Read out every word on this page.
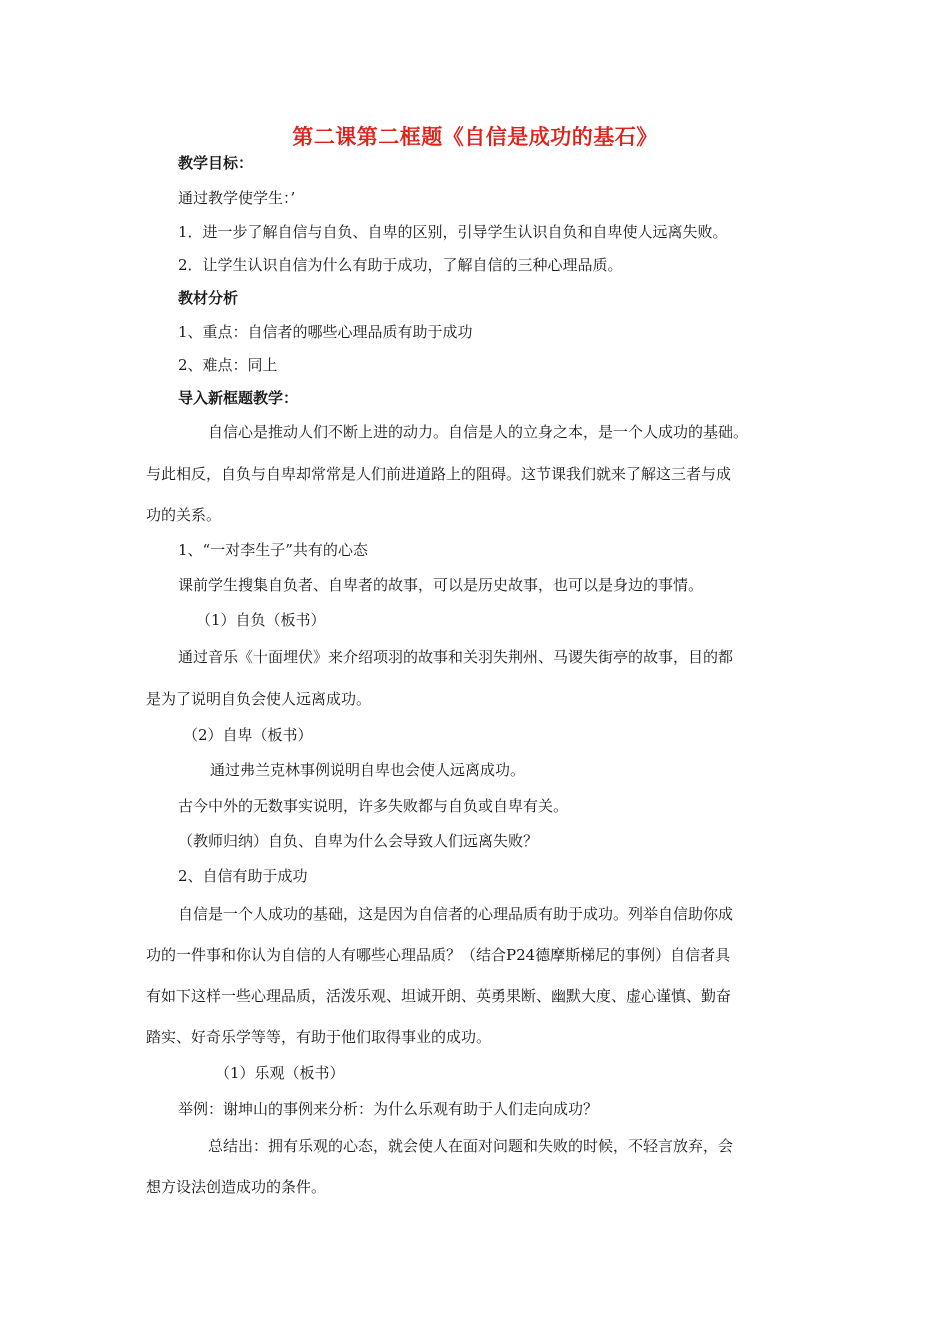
第二课第二框题《自信是成功的基石》
教学目标：
通过教学使学生：’
1．进一步了解自信与自负、自卑的区别，引导学生认识自负和自卑使人远离失败。
2．让学生认识自信为什么有助于成功，了解自信的三种心理品质。
教材分析
1、重点：自信者的哪些心理品质有助于成功
2、难点：同上
导入新框题教学：
自信心是推动人们不断上进的动力。自信是人的立身之本，是一个人成功的基础。
与此相反，自负与自卑却常常是人们前进道路上的阻碍。这节课我们就来了解这三者与成
功的关系。
1、“一对李生子”共有的心态
课前学生搜集自负者、自卑者的故事，可以是历史故事，也可以是身边的事情。
（1）自负（板书）
通过音乐《十面埋伏》来介绍项羽的故事和关羽失荆州、马谡失街亭的故事，目的都
是为了说明自负会使人远离成功。
（2）自卑（板书）
通过弗兰克林事例说明自卑也会使人远离成功。
古今中外的无数事实说明，许多失败都与自负或自卑有关。
（教师归纳）自负、自卑为什么会导致人们远离失败？
2、自信有助于成功
自信是一个人成功的基础，这是因为自信者的心理品质有助于成功。列举自信助你成
功的一件事和你认为自信的人有哪些心理品质？（结合P24德摩斯梯尼的事例）自信者具
有如下这样一些心理品质，活泼乐观、坦诚开朗、英勇果断、幽默大度、虚心谨慎、勤奋
踏实、好奇乐学等等，有助于他们取得事业的成功。
（1）乐观（板书）
举例：谢坤山的事例来分析：为什么乐观有助于人们走向成功？
总结出：拥有乐观的心态，就会使人在面对问题和失败的时候，不轻言放弃，会
想方设法创造成功的条件。
